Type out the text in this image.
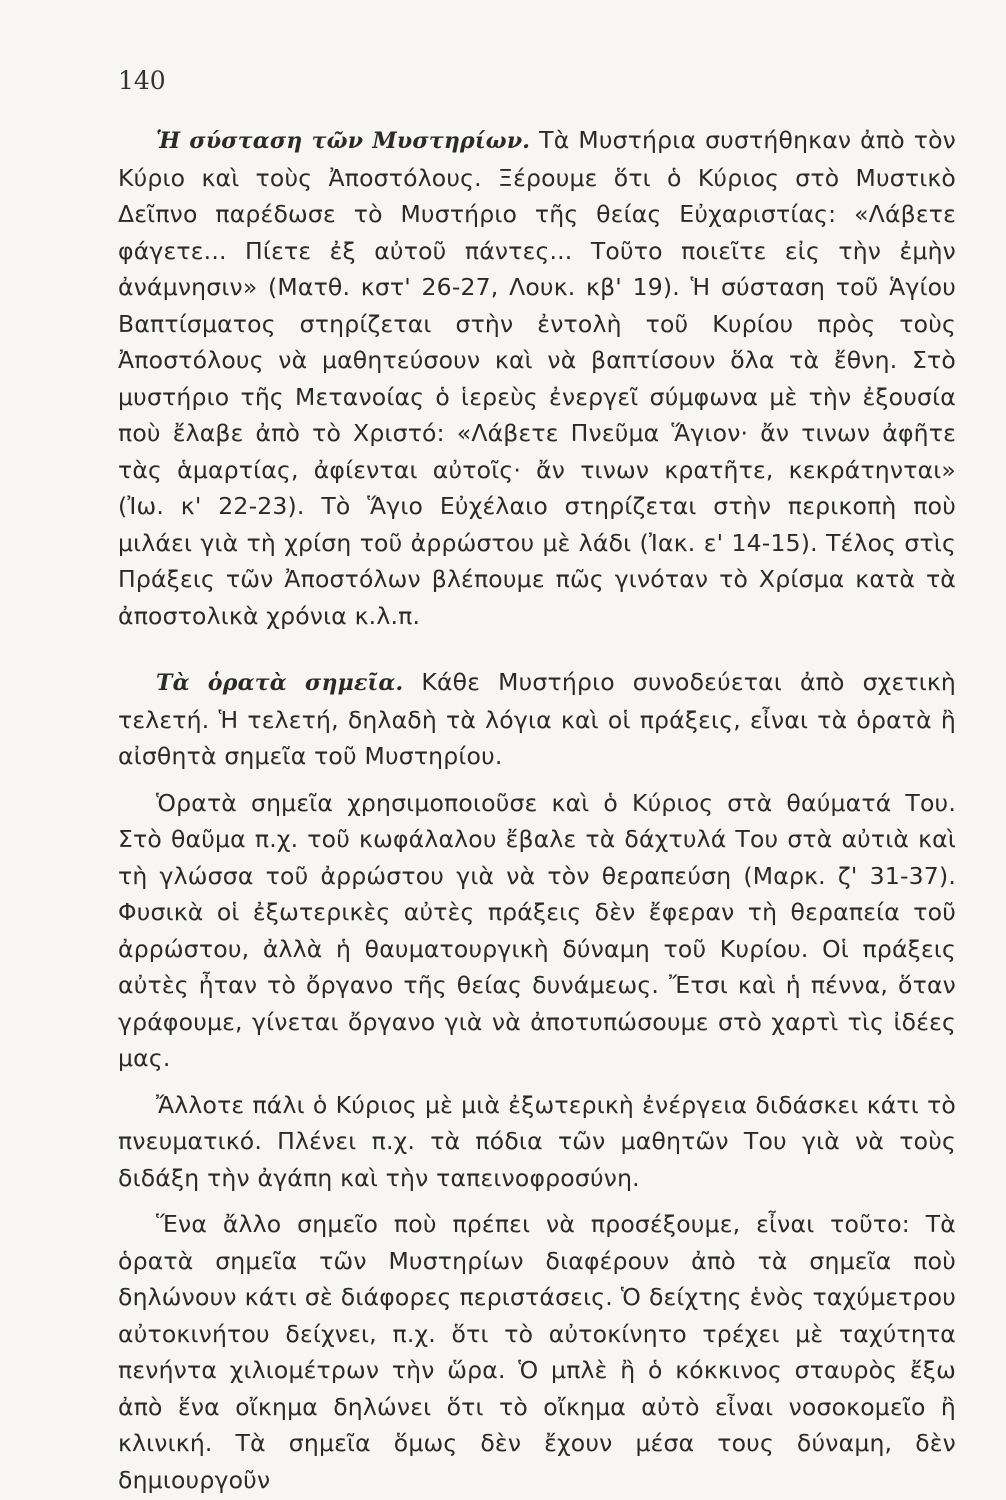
140

Ἡ σύσταση τῶν Μυστηρίων. Τὰ Μυστήρια συστήθηκαν ἀπὸ τὸν Κύριο καὶ τοὺς Ἀποστόλους. Ξέρουμε ὅτι ὁ Κύριος στὸ Μυστικὸ Δεῖπνο παρέδωσε τὸ Μυστήριο τῆς θείας Εὐχαριστίας: «Λάβετε φάγετε... Πίετε ἐξ αὐτοῦ πάντες... Τοῦτο ποιεῖτε εἰς τὴν ἐμὴν ἀνάμνησιν» (Ματθ. κστ' 26-27, Λουκ. κβ' 19). Ἡ σύσταση τοῦ Ἁγίου Βαπτίσματος στηρίζεται στὴν ἐντολὴ τοῦ Κυρίου πρὸς τοὺς Ἀποστόλους νὰ μαθητεύσουν καὶ νὰ βαπτίσουν ὅλα τὰ ἔθνη. Στὸ μυστήριο τῆς Μετανοίας ὁ ἱερεὺς ἐνεργεῖ σύμφωνα μὲ τὴν ἐξουσία ποὺ ἔλαβε ἀπὸ τὸ Χριστό: «Λάβετε Πνεῦμα Ἅγιον· ἄν τινων ἀφῆτε τὰς ἁμαρτίας, ἀφίενται αὐτοῖς· ἄν τινων κρατῆτε, κεκράτηνται» (Ἰω. κ' 22-23). Τὸ Ἅγιο Εὐχέλαιο στηρίζεται στὴν περικοπὴ ποὺ μιλάει γιὰ τὴ χρίση τοῦ ἀρρώστου μὲ λάδι (Ἰακ. ε' 14-15). Τέλος στὶς Πράξεις τῶν Ἀποστόλων βλέπουμε πῶς γινόταν τὸ Χρίσμα κατὰ τὰ ἀποστολικὰ χρόνια κ.λ.π.

Τὰ ὁρατὰ σημεῖα. Κάθε Μυστήριο συνοδεύεται ἀπὸ σχετικὴ τελετή. Ἡ τελετή, δηλαδὴ τὰ λόγια καὶ οἱ πράξεις, εἶναι τὰ ὁρατὰ ἢ αἰσθητὰ σημεῖα τοῦ Μυστηρίου.

Ὁρατὰ σημεῖα χρησιμοποιοῦσε καὶ ὁ Κύριος στὰ θαύματά Του. Στὸ θαῦμα π.χ. τοῦ κωφάλαλου ἔβαλε τὰ δάχτυλά Του στὰ αὐτιὰ καὶ τὴ γλώσσα τοῦ ἀρρώστου γιὰ νὰ τὸν θεραπεύση (Μαρκ. ζ' 31-37). Φυσικὰ οἱ ἐξωτερικὲς αὐτὲς πράξεις δὲν ἔφεραν τὴ θεραπεία τοῦ ἀρρώστου, ἀλλὰ ἡ θαυματουργικὴ δύναμη τοῦ Κυρίου. Οἱ πράξεις αὐτὲς ἦταν τὸ ὄργανο τῆς θείας δυνάμεως. Ἔτσι καὶ ἡ πέννα, ὅταν γράφουμε, γίνεται ὄργανο γιὰ νὰ ἀποτυπώσουμε στὸ χαρτὶ τὶς ἰδέες μας.

Ἄλλοτε πάλι ὁ Κύριος μὲ μιὰ ἐξωτερικὴ ἐνέργεια διδάσκει κάτι τὸ πνευματικό. Πλένει π.χ. τὰ πόδια τῶν μαθητῶν Του γιὰ νὰ τοὺς διδάξη τὴν ἀγάπη καὶ τὴν ταπεινοφροσύνη.

Ἕνα ἄλλο σημεῖο ποὺ πρέπει νὰ προσέξουμε, εἶναι τοῦτο: Τὰ ὁρατὰ σημεῖα τῶν Μυστηρίων διαφέρουν ἀπὸ τὰ σημεῖα ποὺ δηλώνουν κάτι σὲ διάφορες περιστάσεις. Ὁ δείχτης ἑνὸς ταχύμετρου αὐτοκινήτου δείχνει, π.χ. ὅτι τὸ αὐτοκίνητο τρέχει μὲ ταχύτητα πενήντα χιλιομέτρων τὴν ὥρα. Ὁ μπλὲ ἢ ὁ κόκκινος σταυρὸς ἔξω ἀπὸ ἕνα οἴκημα δηλώνει ὅτι τὸ οἴκημα αὐτὸ εἶναι νοσοκομεῖο ἢ κλινική. Τὰ σημεῖα ὅμως δὲν ἔχουν μέσα τους δύναμη, δὲν δημιουργοῦν
